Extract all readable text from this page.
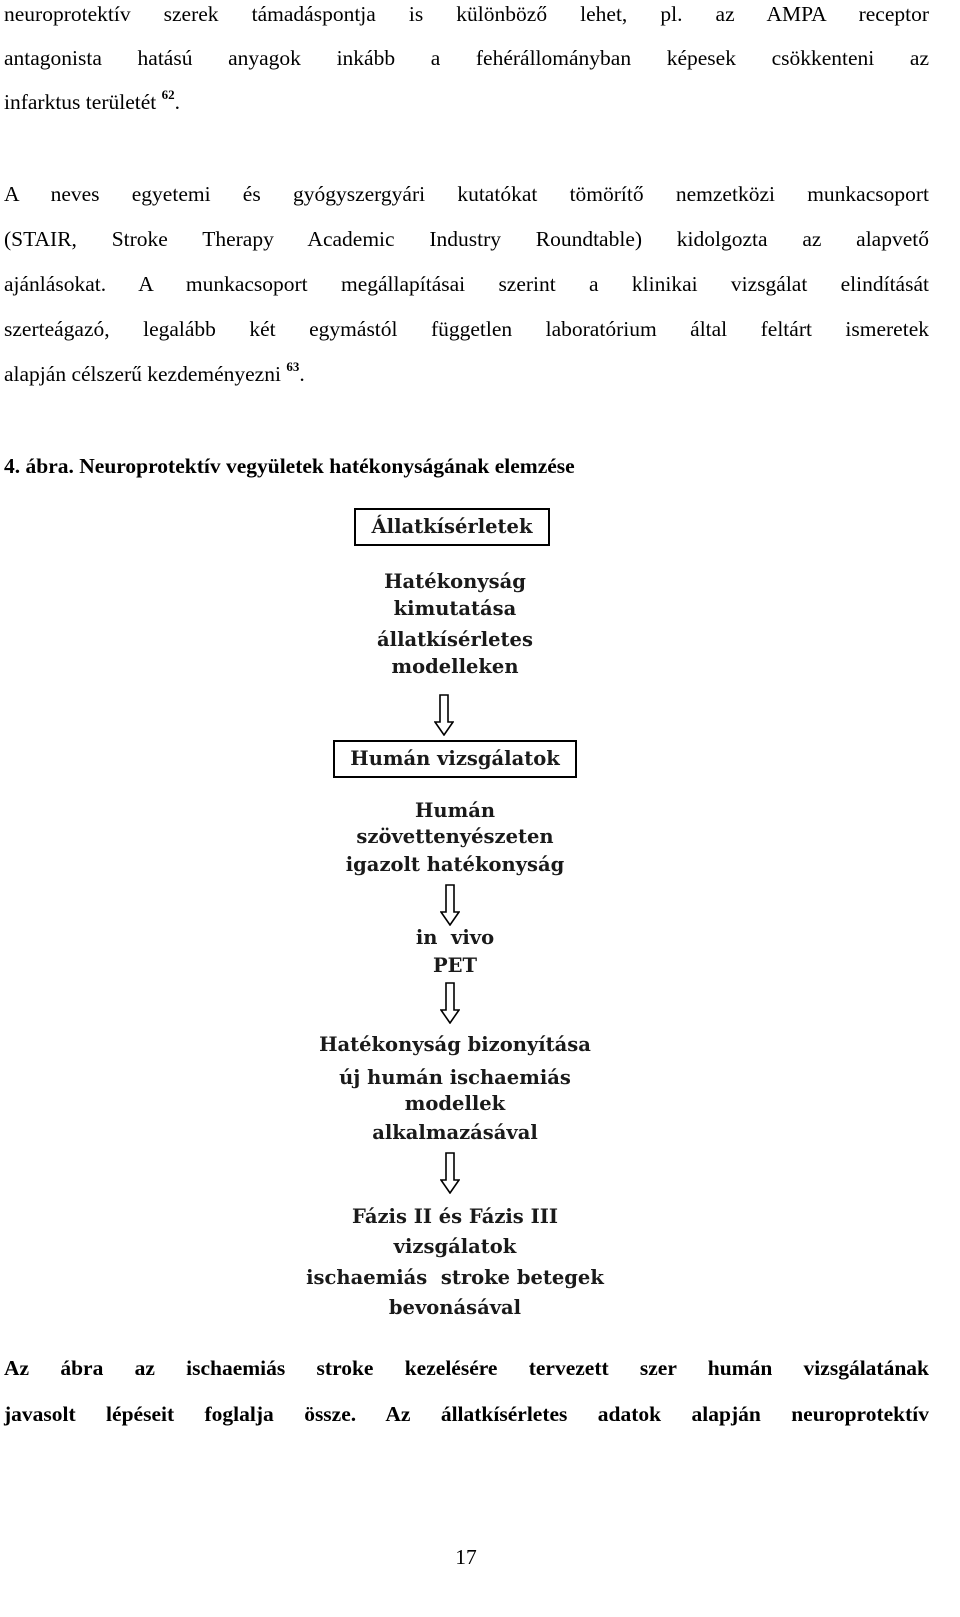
neuroprotektív szerek támadáspontja is különböző lehet, pl. az AMPA receptor
antagonista hatású anyagok inkább a fehérállományban képesek csökkenteni az
infarktus területét $^{62}$.
A neves egyetemi és gyógyszergyári kutatókat tömörítő nemzetközi munkacsoport
(STAIR, Stroke Therapy Academic Industry Roundtable) kidolgozta az alapvető
ajánlásokat. A munkacsoport megállapításai szerint a klinikai vizsgálat elindítását
szerteágazó, legalább két egymástól független laboratórium által feltárt ismeretek
alapján célszerű kezdeményezni $^{63}$.
4. ábra. Neuroprotektív vegyületek hatékonyságának elemzése
Állatkísérletek
Hatékonyság
kimutatása
állatkísérletes
modelleken
Humán vizsgálatok
Humán
szövettenyészeten
igazolt hatékonyság
in  vivo
PET
Hatékonyság bizonyítása
új humán ischaemiás
modellek
alkalmazásával
Fázis II és Fázis III
vizsgálatok
ischaemiás  stroke betegek
bevonásával
Az ábra az ischaemiás stroke kezelésére tervezett szer humán vizsgálatának
javasolt lépéseit foglalja össze. Az állatkísérletes adatok alapján neuroprotektív
17
